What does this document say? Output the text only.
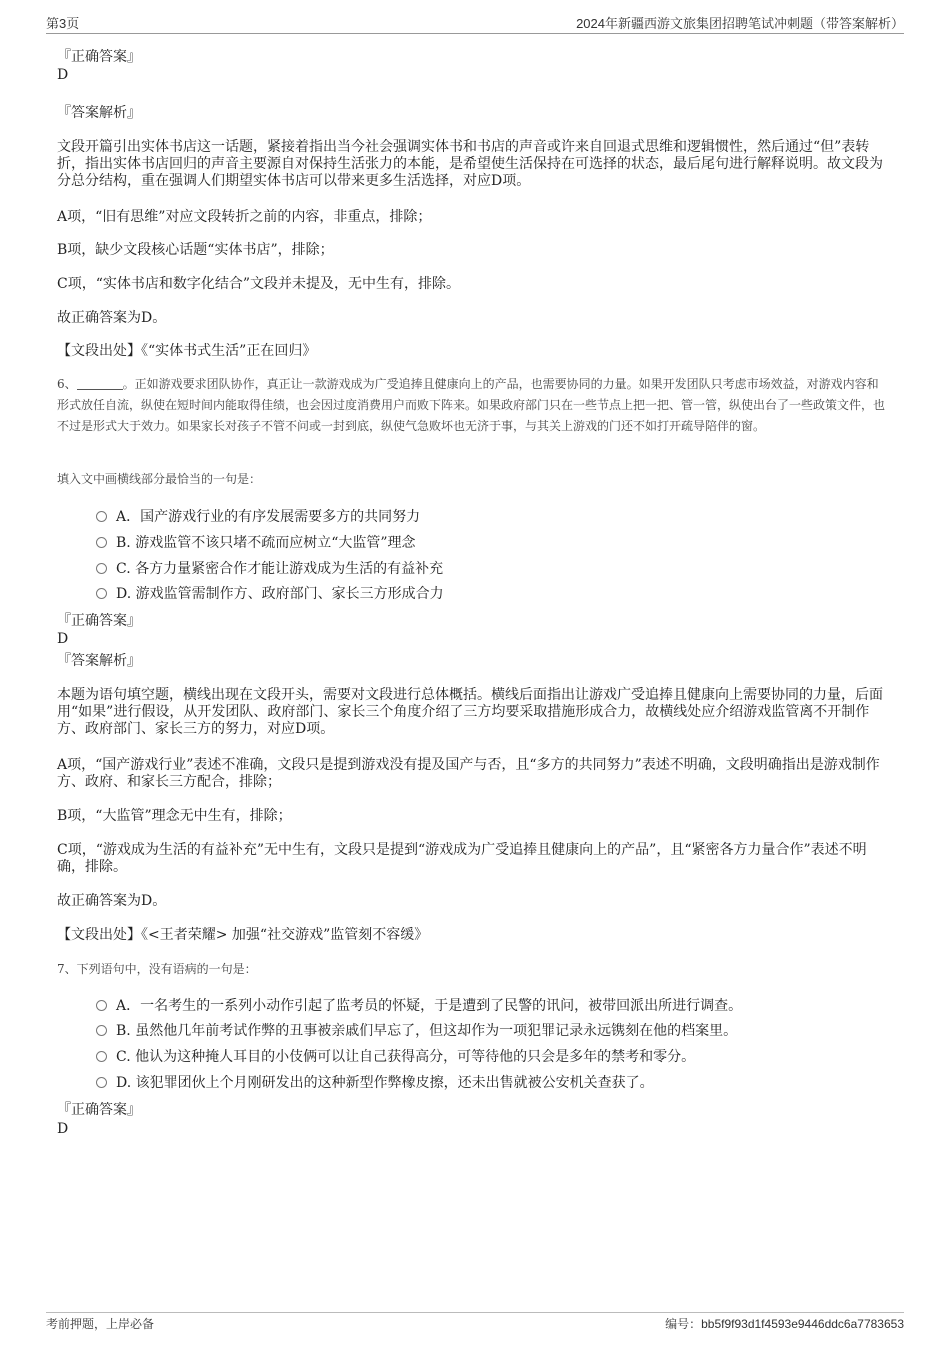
第3页	2024年新疆西游文旅集团招聘笔试冲刺题（带答案解析）
『正确答案』
D
『答案解析』
文段开篇引出实体书店这一话题，紧接着指出当今社会强调实体书和书店的声音或许来自回退式思维和逻辑惯性，然后通过“但”表转折，指出实体书店回归的声音主要源自对保持生活张力的本能，是希望使生活保持在可选择的状态，最后尾句进行解释说明。故文段为分总分结构，重在强调人们期望实体书店可以带来更多生活选择，对应D项。
A项，“旧有思维”对应文段转折之前的内容，非重点，排除；
B项，缺少文段核心话题“实体书店”，排除；
C项，“实体书店和数字化结合”文段并未提及，无中生有，排除。
故正确答案为D。
【文段出处】《“实体书式生活”正在回归》
6、	。正如游戏要求团队协作，真正让一款游戏成为广受追捧且健康向上的产品，也需要协同的力量。如果开发团队只考虑市场效益，对游戏内容和形式放任自流，纵使在短时间内能取得佳绩，也会因过度消费用户而败下阵来。如果政府部门只在一些节点上把一把、管一管，纵使出台了一些政策文件，也不过是形式大于效力。如果家长对孩子不管不问或一封到底，纵使气急败坏也无济于事，与其关上游戏的门还不如打开疏导陪伴的窗。
填入文中画横线部分最恰当的一句是：
A．国产游戏行业的有序发展需要多方的共同努力
B. 游戏监管不该只堵不疏而应树立“大监管”理念
C. 各方力量紧密合作才能让游戏成为生活的有益补充
D. 游戏监管需制作方、政府部门、家长三方形成合力
『正确答案』
D
『答案解析』
本题为语句填空题，横线出现在文段开头，需要对文段进行总体概括。横线后面指出让游戏广受追捧且健康向上需要协同的力量，后面用“如果”进行假设，从开发团队、政府部门、家长三个角度介绍了三方均要采取措施形成合力，故横线处应介绍游戏监管离不开制作方、政府部门、家长三方的努力，对应D项。
A项，“国产游戏行业”表述不准确，文段只是提到游戏没有提及国产与否，且“多方的共同努力”表述不明确，文段明确指出是游戏制作方、政府、和家长三方配合，排除；
B项，“大监管”理念无中生有，排除；
C项，“游戏成为生活的有益补充”无中生有，文段只是提到“游戏成为广受追捧且健康向上的产品”，且“紧密各方力量合作”表述不明确，排除。
故正确答案为D。
【文段出处】《<王者荣耀> 加强“社交游戏”监管刻不容缓》
7、下列语句中，没有语病的一句是：
A．一名考生的一系列小动作引起了监考员的怀疑，于是遭到了民警的讯问，被带回派出所进行调查。
B. 虽然他几年前考试作弊的丑事被亲戚们早忘了，但这却作为一项犯罪记录永远镌刻在他的档案里。
C. 他认为这种掩人耳目的小伎俩可以让自己获得高分，可等待他的只会是多年的禁考和零分。
D. 该犯罪团伙上个月刚研发出的这种新型作弊橡皮擦，还未出售就被公安机关查获了。
『正确答案』
D
考前押题，上岸必备	编号：bb5f9f93d1f4593e9446ddc6a7783653
